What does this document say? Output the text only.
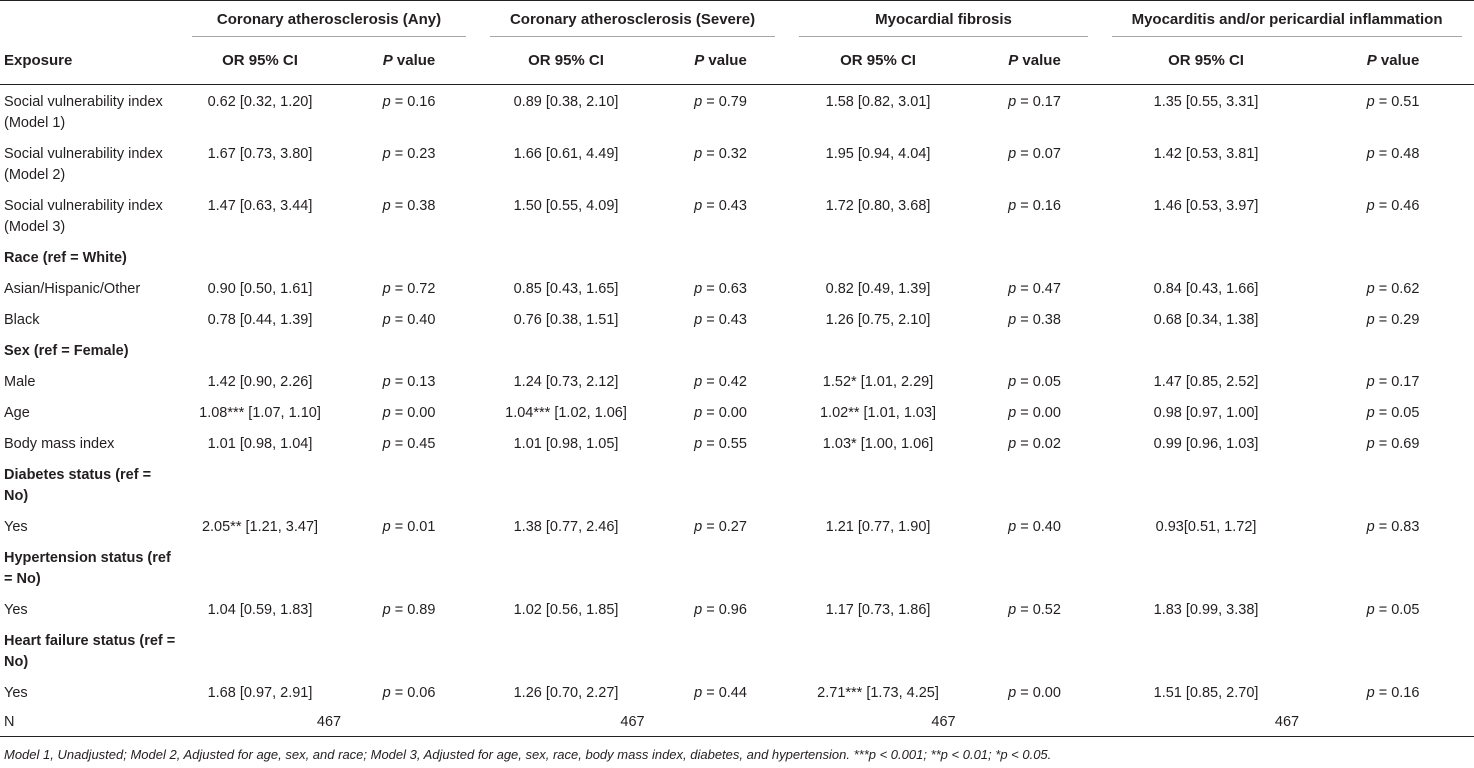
	Coronary atherosclerosis (Any)		Coronary atherosclerosis (Severe)		Myocardial fibrosis		Myocarditis and/or pericardial inflammation	

Exposure	OR 95% CI	P value	OR 95% CI	P value	OR 95% CI	P value	OR 95% CI	P value
Social vulnerability index (Model 1)	0.62 [0.32, 1.20]	p = 0.16	0.89 [0.38, 2.10]	p = 0.79	1.58 [0.82, 3.01]	p = 0.17	1.35 [0.55, 3.31]	p = 0.51
Social vulnerability index (Model 2)	1.67 [0.73, 3.80]	p = 0.23	1.66 [0.61, 4.49]	p = 0.32	1.95 [0.94, 4.04]	p = 0.07	1.42 [0.53, 3.81]	p = 0.48
Social vulnerability index (Model 3)	1.47 [0.63, 3.44]	p = 0.38	1.50 [0.55, 4.09]	p = 0.43	1.72 [0.80, 3.68]	p = 0.16	1.46 [0.53, 3.97]	p = 0.46
Race (ref = White)								
Asian/Hispanic/Other	0.90 [0.50, 1.61]	p = 0.72	0.85 [0.43, 1.65]	p = 0.63	0.82 [0.49, 1.39]	p = 0.47	0.84 [0.43, 1.66]	p = 0.62
Black	0.78 [0.44, 1.39]	p = 0.40	0.76 [0.38, 1.51]	p = 0.43	1.26 [0.75, 2.10]	p = 0.38	0.68 [0.34, 1.38]	p = 0.29
Sex (ref = Female)								
Male	1.42 [0.90, 2.26]	p = 0.13	1.24 [0.73, 2.12]	p = 0.42	1.52* [1.01, 2.29]	p = 0.05	1.47 [0.85, 2.52]	p = 0.17
Age	1.08*** [1.07, 1.10]	p = 0.00	1.04*** [1.02, 1.06]	p = 0.00	1.02** [1.01, 1.03]	p = 0.00	0.98 [0.97, 1.00]	p = 0.05
Body mass index	1.01 [0.98, 1.04]	p = 0.45	1.01 [0.98, 1.05]	p = 0.55	1.03* [1.00, 1.06]	p = 0.02	0.99 [0.96, 1.03]	p = 0.69
Diabetes status (ref = No)								
Yes	2.05** [1.21, 3.47]	p = 0.01	1.38 [0.77, 2.46]	p = 0.27	1.21 [0.77, 1.90]	p = 0.40	0.93[0.51, 1.72]	p = 0.83
Hypertension status (ref = No)								
Yes	1.04 [0.59, 1.83]	p = 0.89	1.02 [0.56, 1.85]	p = 0.96	1.17 [0.73, 1.86]	p = 0.52	1.83 [0.99, 3.38]	p = 0.05
Heart failure status (ref = No)								
Yes	1.68 [0.97, 2.91]	p = 0.06	1.26 [0.70, 2.27]	p = 0.44	2.71*** [1.73, 4.25]	p = 0.00	1.51 [0.85, 2.70]	p = 0.16
N	467		467		467		467	
Model 1, Unadjusted; Model 2, Adjusted for age, sex, and race; Model 3, Adjusted for age, sex, race, body mass index, diabetes, and hypertension. ***p < 0.001; **p < 0.01; *p < 0.05.
